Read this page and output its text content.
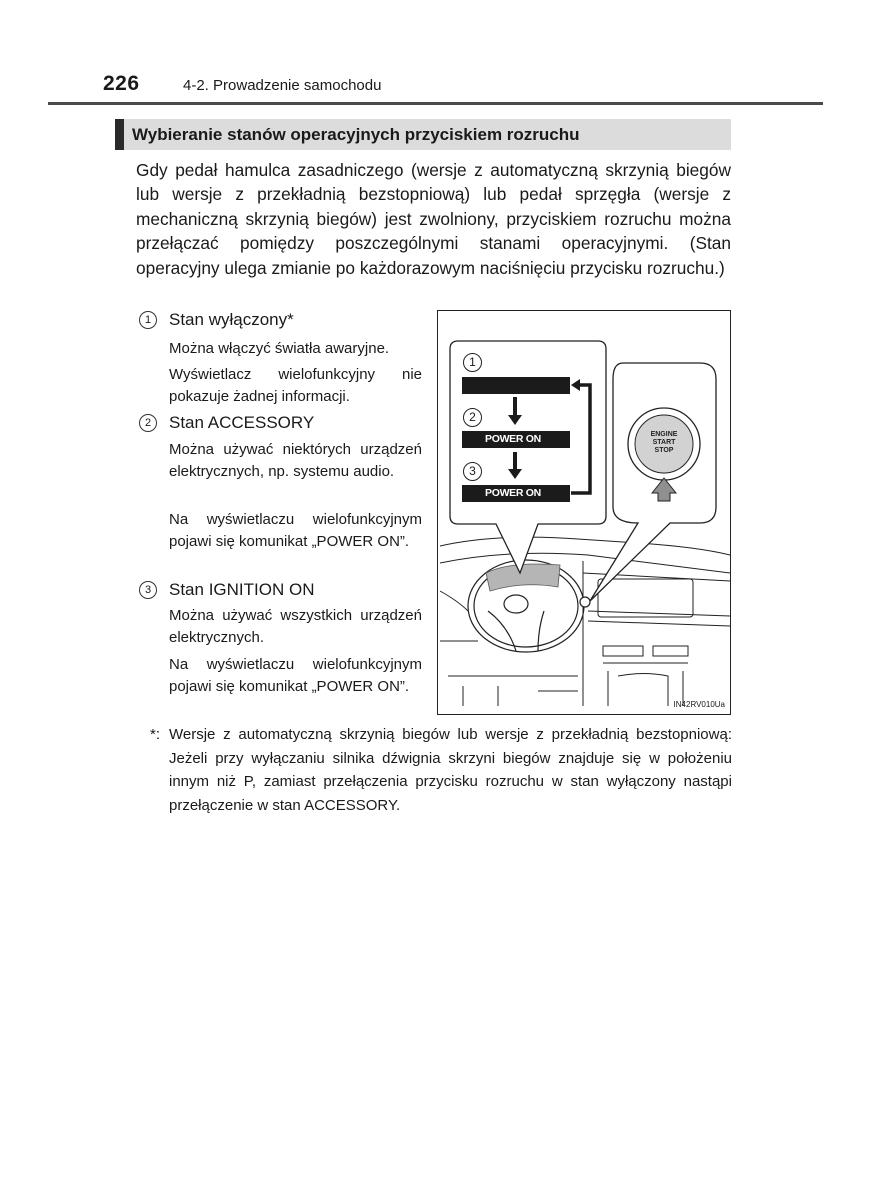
226	4-2. Prowadzenie samochodu
Wybieranie stanów operacyjnych przyciskiem rozruchu

Gdy pedał hamulca zasadniczego (wersje z automatyczną skrzynią biegów lub wersje z przekładnią bezstopniową) lub pedał sprzęgła (wersje z mechaniczną skrzynią biegów) jest zwolniony, przyciskiem rozruchu można przełączać pomiędzy poszczególnymi stanami operacyjnymi. (Stan operacyjny ulega zmianie po każdorazowym naciśnięciu przycisku rozruchu.)

1	Stan wyłączony*

Można włączyć światła awaryjne.

Wyświetlacz wielofunkcyjny nie pokazuje żadnej informacji.

2	Stan ACCESSORY

Można używać niektórych urządzeń elektrycznych, np. systemu audio.

Na wyświetlaczu wielofunkcyjnym pojawi się komunikat „POWER ON”.

3	Stan IGNITION ON

Można używać wszystkich urządzeń elektrycznych.

Na wyświetlaczu wielofunkcyjnym pojawi się komunikat „POWER ON”.

1
2
3
POWER ON
POWER ON
ENGINE
START
STOP
IN42RV010Ua
*: Wersje z automatyczną skrzynią biegów lub wersje z przekładnią bezstopniową: Jeżeli przy wyłączaniu silnika dźwignia skrzyni biegów znajduje się w położeniu innym niż P, zamiast przełączenia przycisku rozruchu w stan wyłączony nastąpi przełączenie w stan ACCESSORY.
